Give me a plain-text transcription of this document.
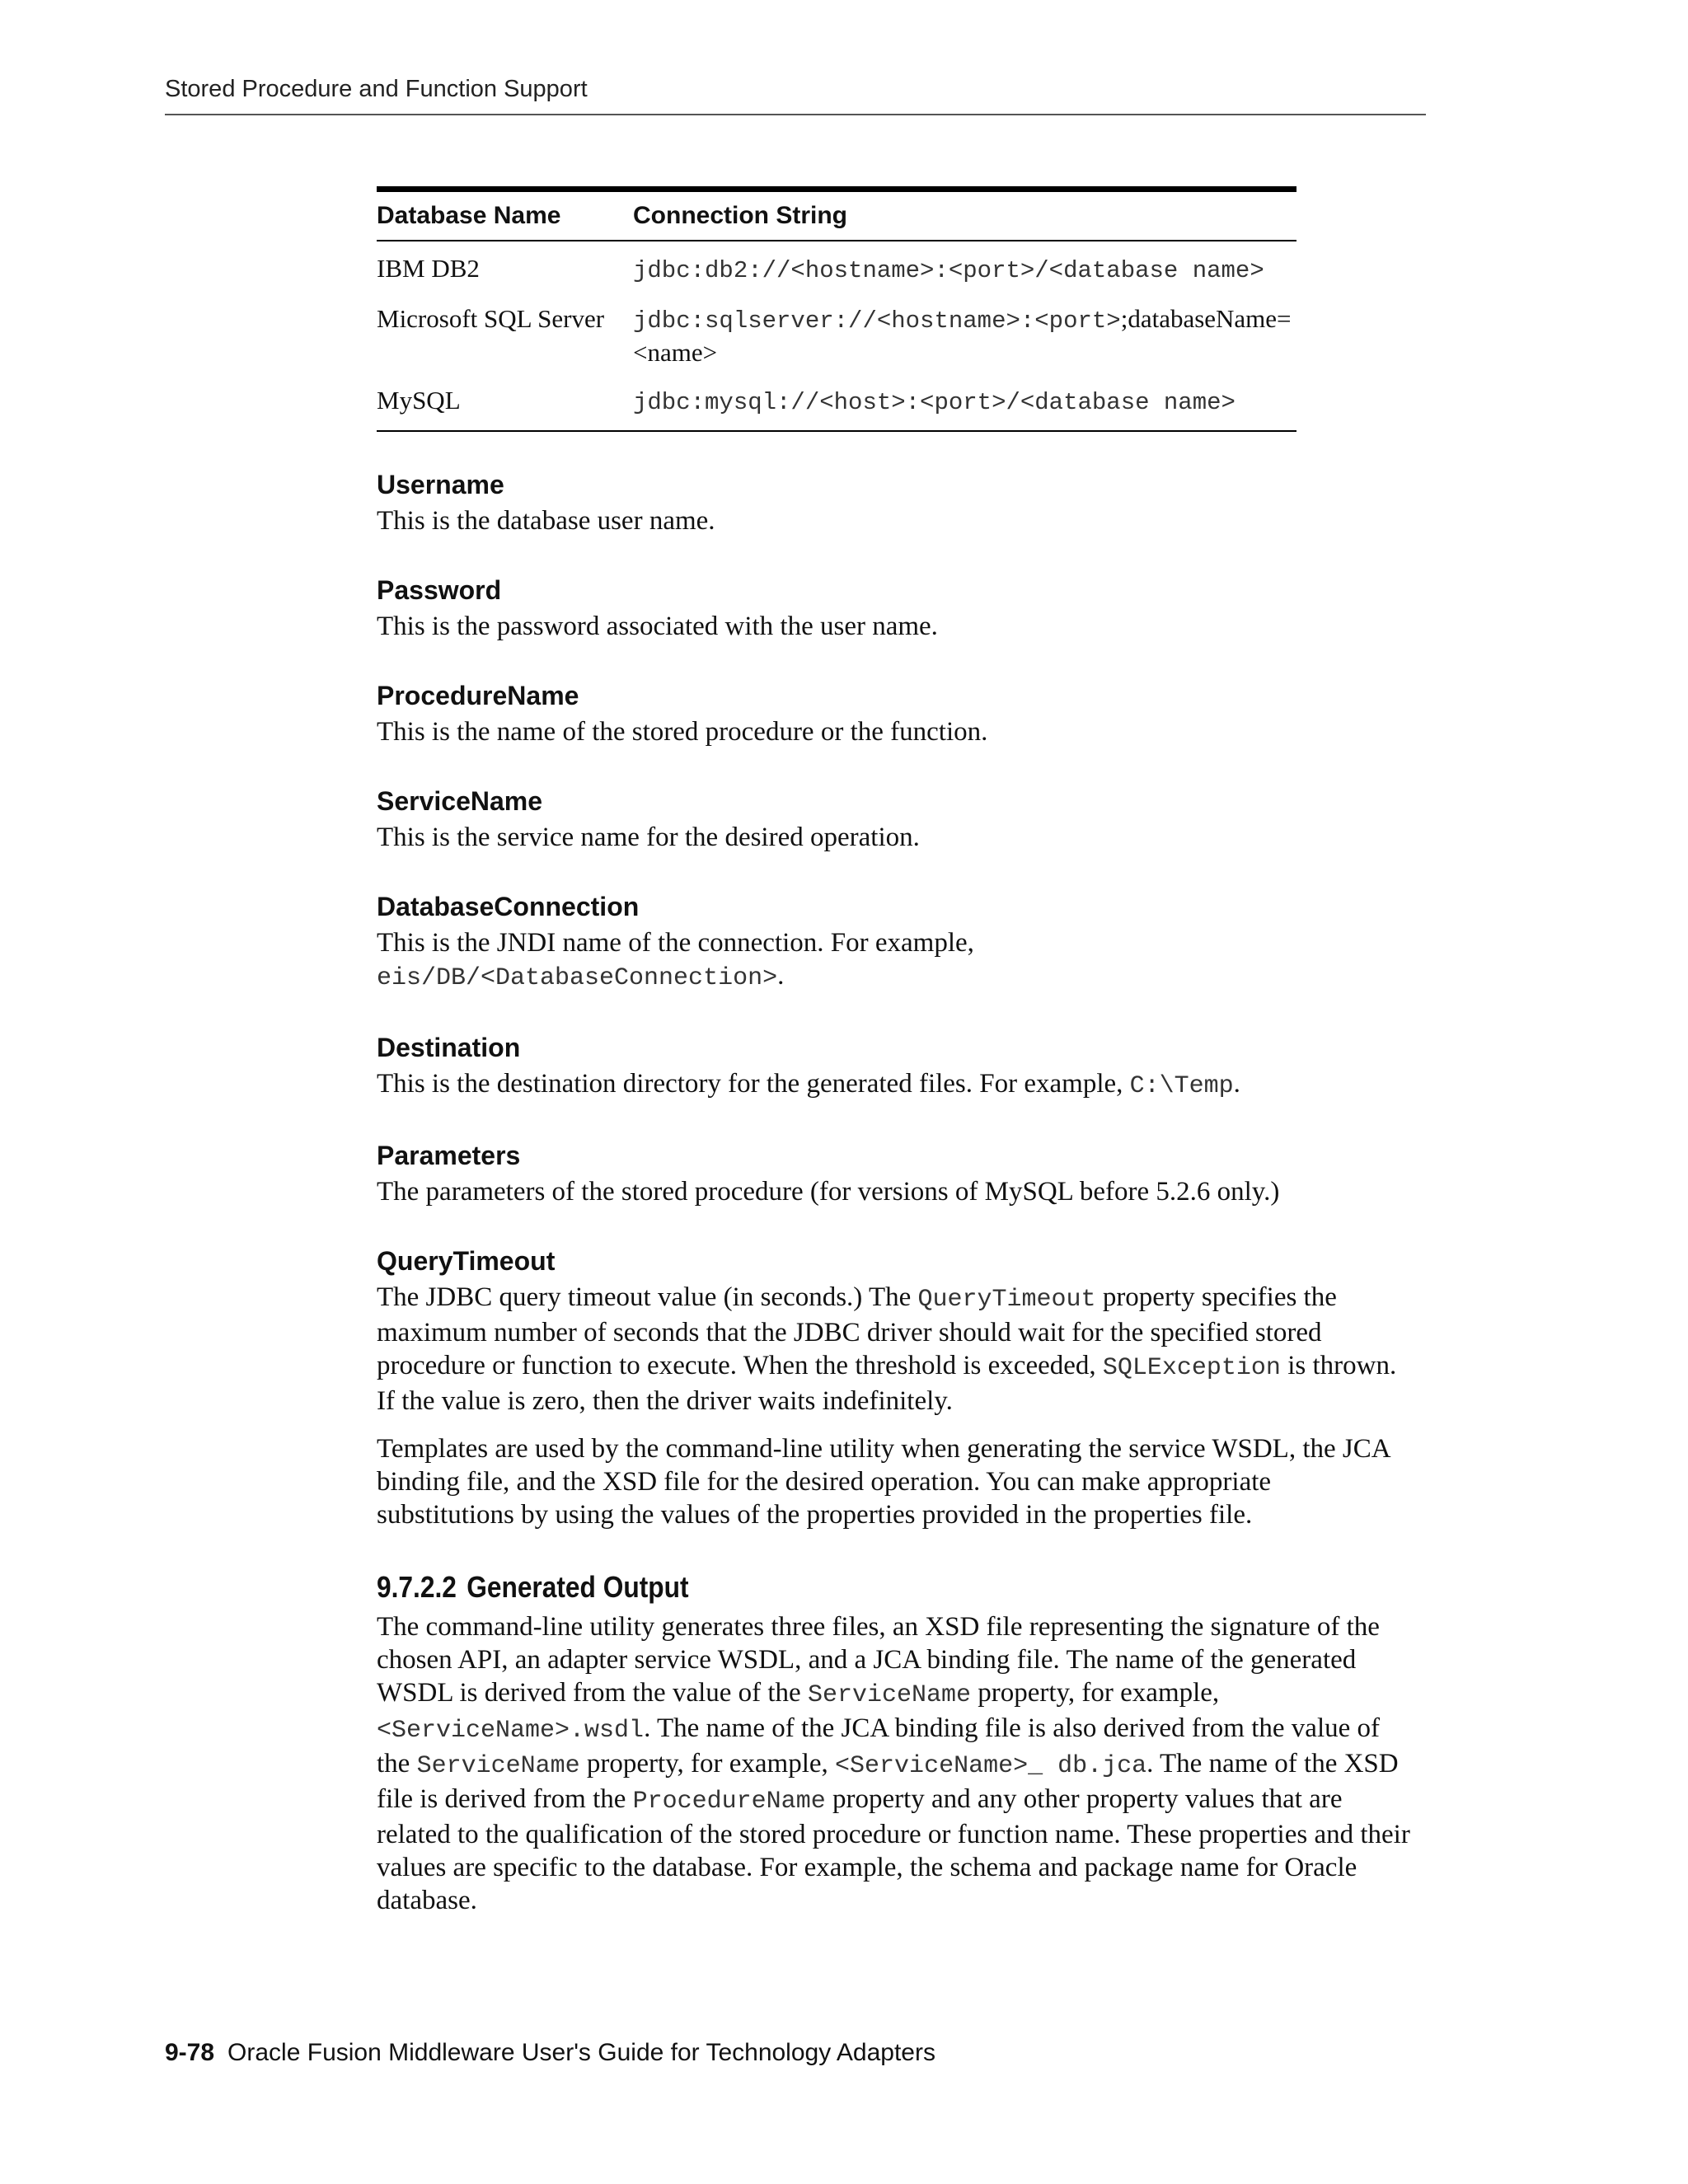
Stored Procedure and Function Support
Database Name	Connection String
IBM DB2	jdbc:db2://<hostname>:<port>/<database name>
Microsoft SQL Server	jdbc:sqlserver://<hostname>:<port>;databaseName=<name>
MySQL	jdbc:mysql://<host>:<port>/<database name>
Username

This is the database user name.

Password

This is the password associated with the user name.

ProcedureName

This is the name of the stored procedure or the function.

ServiceName

This is the service name for the desired operation.

DatabaseConnection

This is the JNDI name of the connection. For example,
eis/DB/<DatabaseConnection>.

Destination

This is the destination directory for the generated files. For example, C:\Temp.

Parameters

The parameters of the stored procedure (for versions of MySQL before 5.2.6 only.)

QueryTimeout

The JDBC query timeout value (in seconds.) The QueryTimeout property specifies the maximum number of seconds that the JDBC driver should wait for the specified stored procedure or function to execute. When the threshold is exceeded, SQLException is thrown. If the value is zero, then the driver waits indefinitely.

Templates are used by the command-line utility when generating the service WSDL, the JCA binding file, and the XSD file for the desired operation. You can make appropriate substitutions by using the values of the properties provided in the properties file.

9.7.2.2 Generated Output

The command-line utility generates three files, an XSD file representing the signature of the chosen API, an adapter service WSDL, and a JCA binding file. The name of the generated WSDL is derived from the value of the ServiceName property, for example, <ServiceName>.wsdl. The name of the JCA binding file is also derived from the value of the ServiceName property, for example, <ServiceName>_ db.jca. The name of the XSD file is derived from the ProcedureName property and any other property values that are related to the qualification of the stored procedure or function name. These properties and their values are specific to the database. For example, the schema and package name for Oracle database.

9-78 Oracle Fusion Middleware User's Guide for Technology Adapters
